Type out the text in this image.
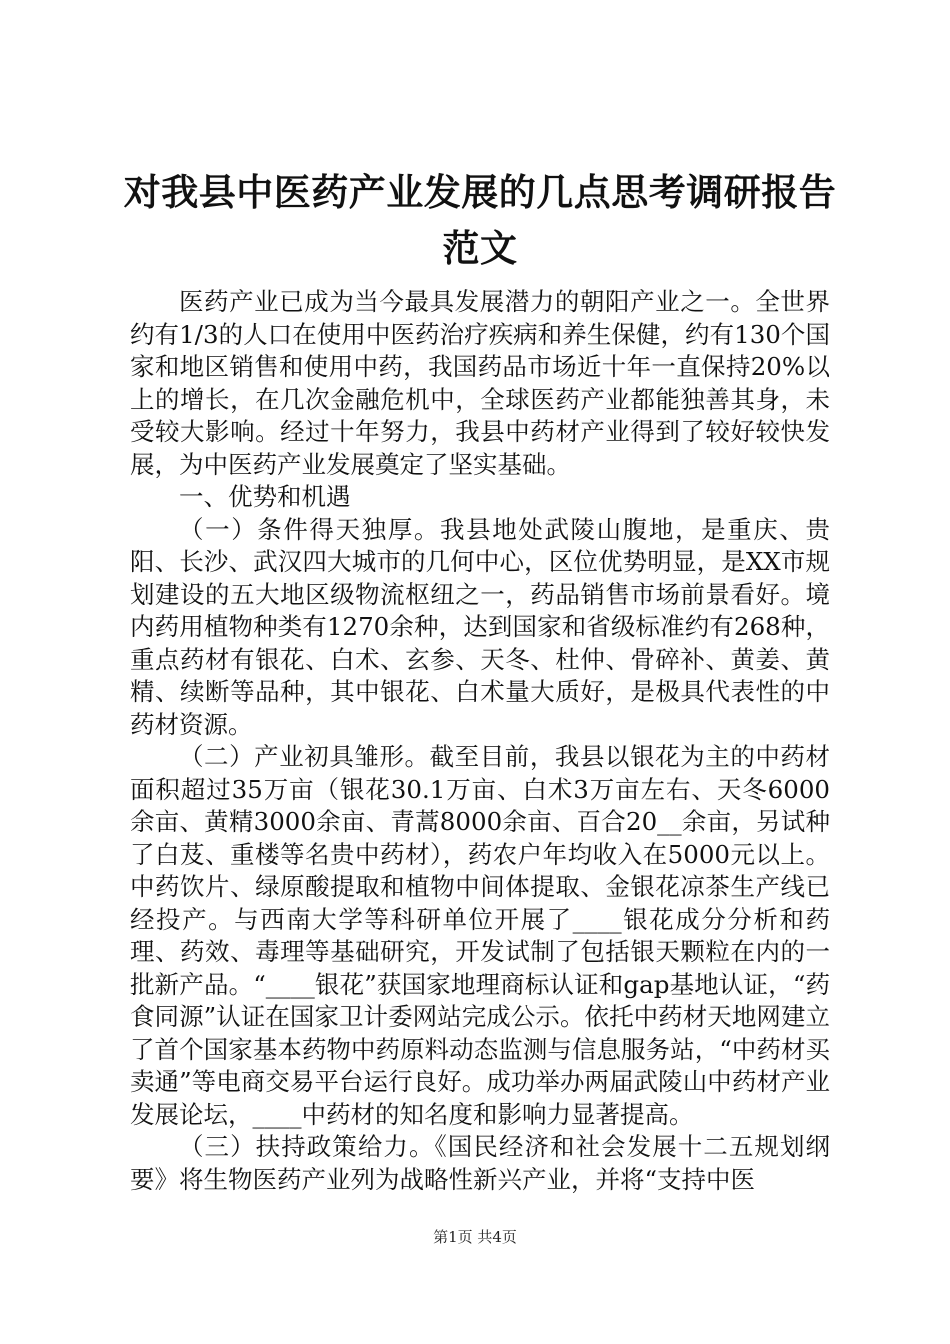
对我县中医药产业发展的几点思考调研报告范文

医药产业已成为当今最具发展潜力的朝阳产业之一。全世界约有1/3的人口在使用中医药治疗疾病和养生保健，约有130个国家和地区销售和使用中药，我国药品市场近十年一直保持20%以上的增长，在几次金融危机中，全球医药产业都能独善其身，未受较大影响。经过十年努力，我县中药材产业得到了较好较快发展，为中医药产业发展奠定了坚实基础。

一、优势和机遇

（一）条件得天独厚。我县地处武陵山腹地，是重庆、贵阳、长沙、武汉四大城市的几何中心，区位优势明显，是XX市规划建设的五大地区级物流枢纽之一，药品销售市场前景看好。境内药用植物种类有1270余种，达到国家和省级标准约有268种，重点药材有银花、白术、玄参、天冬、杜仲、骨碎补、黄姜、黄精、续断等品种，其中银花、白术量大质好，是极具代表性的中药材资源。

（二）产业初具雏形。截至目前，我县以银花为主的中药材面积超过35万亩（银花30.1万亩、白术3万亩左右、天冬6000余亩、黄精3000余亩、青蒿8000余亩、百合20__余亩，另试种了白芨、重楼等名贵中药材），药农户年均收入在5000元以上。中药饮片、绿原酸提取和植物中间体提取、金银花凉茶生产线已经投产。与西南大学等科研单位开展了____银花成分分析和药理、药效、毒理等基础研究，开发试制了包括银天颗粒在内的一批新产品。“____银花”获国家地理商标认证和gap基地认证，“药食同源”认证在国家卫计委网站完成公示。依托中药材天地网建立了首个国家基本药物中药原料动态监测与信息服务站，“中药材买卖通”等电商交易平台运行良好。成功举办两届武陵山中药材产业发展论坛，____中药材的知名度和影响力显著提高。

（三）扶持政策给力。《国民经济和社会发展十二五规划纲要》将生物医药产业列为战略性新兴产业，并将“支持中医

第1页 共4页
